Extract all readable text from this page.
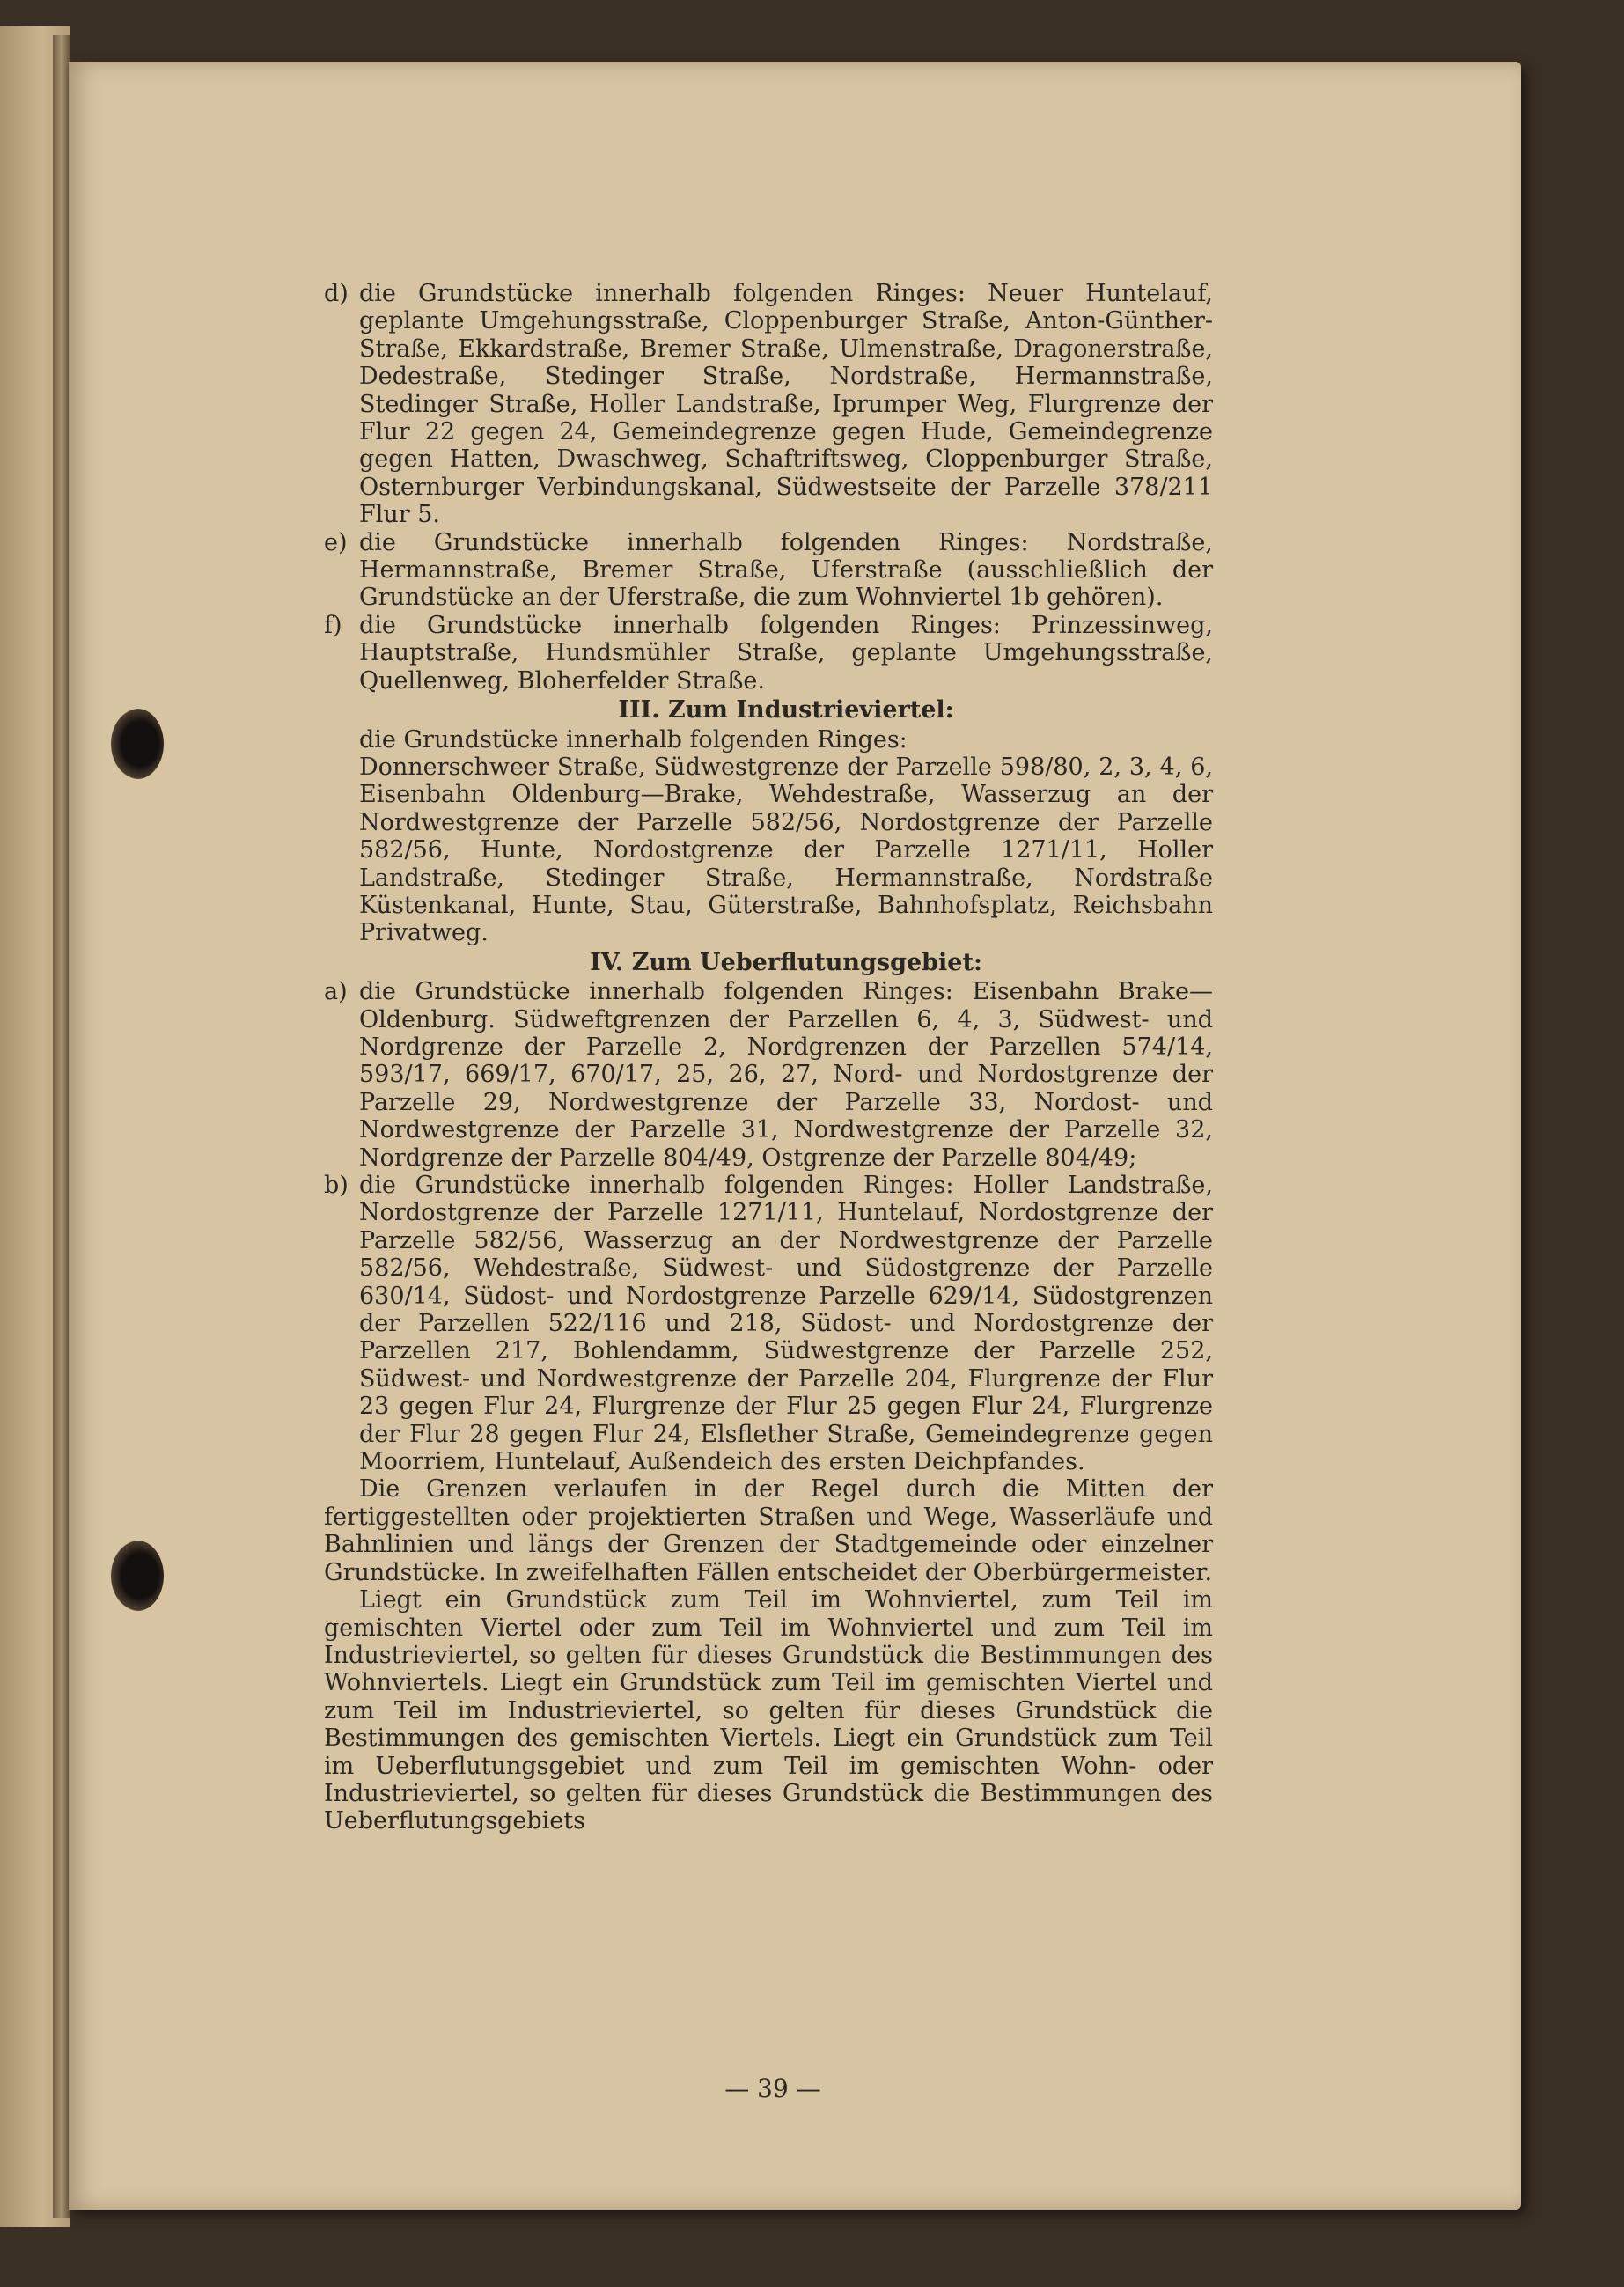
d) die Grundstücke innerhalb folgenden Ringes: Neuer Huntelauf, geplante Umgehungsstraße, Cloppenburger Straße, Anton-Günther-Straße, Ekkardstraße, Bremer Straße, Ulmenstraße, Dragonerstraße, Dedestraße, Stedinger Straße, Nordstraße, Hermannstraße, Stedinger Straße, Holler Landstraße, Iprumper Weg, Flurgrenze der Flur 22 gegen 24, Gemeindegrenze gegen Hude, Gemeindegrenze gegen Hatten, Dwaschweg, Schaftriftsweg, Cloppenburger Straße, Osternburger Verbindungskanal, Südwestseite der Parzelle 378/211 Flur 5.
e) die Grundstücke innerhalb folgenden Ringes: Nordstraße, Hermannstraße, Bremer Straße, Uferstraße (ausschließlich der Grundstücke an der Uferstraße, die zum Wohnviertel 1b gehören).
f) die Grundstücke innerhalb folgenden Ringes: Prinzessinweg, Hauptstraße, Hundsmühler Straße, geplante Umgehungsstraße, Quellenweg, Bloherfelder Straße.
III. Zum Industrieviertel:
die Grundstücke innerhalb folgenden Ringes:
Donnerschweer Straße, Südwestgrenze der Parzelle 598/80, 2, 3, 4, 6, Eisenbahn Oldenburg—Brake, Wehdestraße, Wasserzug an der Nordwestgrenze der Parzelle 582/56, Nordostgrenze der Parzelle 582/56, Hunte, Nordostgrenze der Parzelle 1271/11, Holler Landstraße, Stedinger Straße, Hermannstraße, Nordstraße Küstenkanal, Hunte, Stau, Güterstraße, Bahnhofsplatz, Reichsbahn Privatweg.
IV. Zum Ueberflutungsgebiet:
a) die Grundstücke innerhalb folgenden Ringes: Eisenbahn Brake—Oldenburg. Südweftgrenzen der Parzellen 6, 4, 3, Südwest- und Nordgrenze der Parzelle 2, Nordgrenzen der Parzellen 574/14, 593/17, 669/17, 670/17, 25, 26, 27, Nord- und Nordostgrenze der Parzelle 29, Nordwestgrenze der Parzelle 33, Nordost- und Nordwestgrenze der Parzelle 31, Nordwestgrenze der Parzelle 32, Nordgrenze der Parzelle 804/49, Ostgrenze der Parzelle 804/49;
b) die Grundstücke innerhalb folgenden Ringes: Holler Landstraße, Nordostgrenze der Parzelle 1271/11, Huntelauf, Nordostgrenze der Parzelle 582/56, Wasserzug an der Nordwestgrenze der Parzelle 582/56, Wehdestraße, Südwest- und Südostgrenze der Parzelle 630/14, Südost- und Nordostgrenze Parzelle 629/14, Südostgrenzen der Parzellen 522/116 und 218, Südost- und Nordostgrenze der Parzellen 217, Bohlendamm, Südwestgrenze der Parzelle 252, Südwest- und Nordwestgrenze der Parzelle 204, Flurgrenze der Flur 23 gegen Flur 24, Flurgrenze der Flur 25 gegen Flur 24, Flurgrenze der Flur 28 gegen Flur 24, Elsflether Straße, Gemeindegrenze gegen Moorriem, Huntelauf, Außendeich des ersten Deichpfandes.
Die Grenzen verlaufen in der Regel durch die Mitten der fertiggestellten oder projektierten Straßen und Wege, Wasserläufe und Bahnlinien und längs der Grenzen der Stadtgemeinde oder einzelner Grundstücke. In zweifelhaften Fällen entscheidet der Oberbürgermeister.
Liegt ein Grundstück zum Teil im Wohnviertel, zum Teil im gemischten Viertel oder zum Teil im Wohnviertel und zum Teil im Industrieviertel, so gelten für dieses Grundstück die Bestimmungen des Wohnviertels. Liegt ein Grundstück zum Teil im gemischten Viertel und zum Teil im Industrieviertel, so gelten für dieses Grundstück die Bestimmungen des gemischten Viertels. Liegt ein Grundstück zum Teil im Ueberflutungsgebiet und zum Teil im gemischten Wohn- oder Industrieviertel, so gelten für dieses Grundstück die Bestimmungen des Ueberflutungsgebiets
— 39 —
